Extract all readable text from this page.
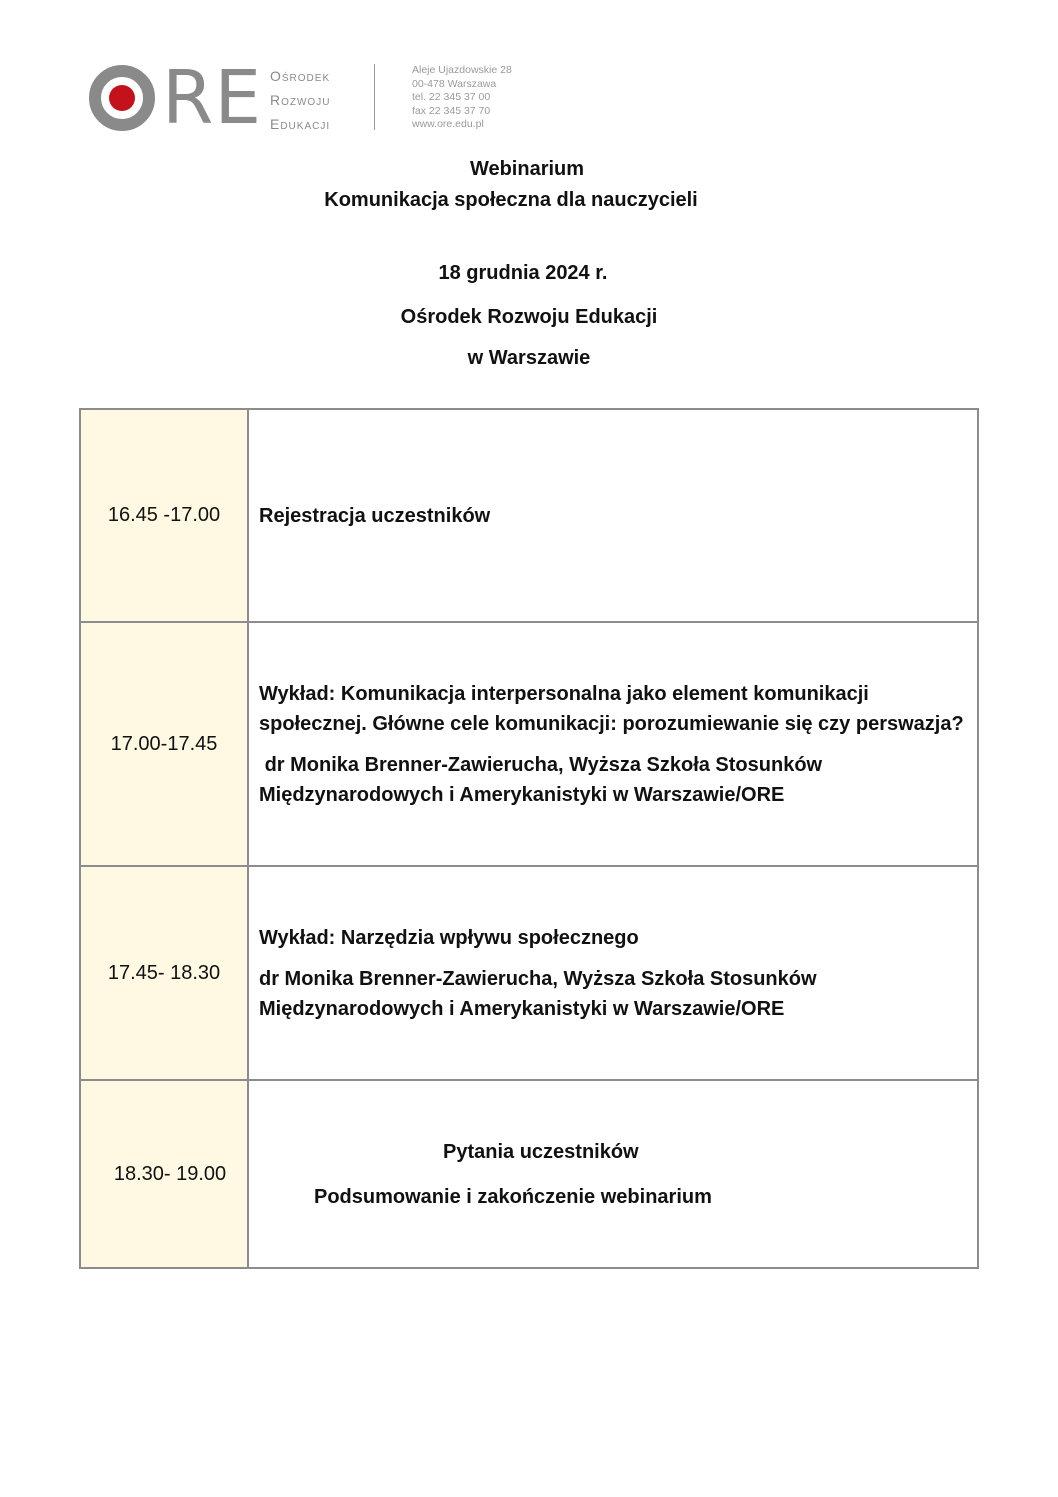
RE Ośrodek
Rozwoju
Edukacji
Aleje Ujazdowskie 28
00-478 Warszawa
tel. 22 345 37 00
fax 22 345 37 70
www.ore.edu.pl
Webinarium
Komunikacja społeczna dla nauczycieli
18 grudnia 2024 r.
Ośrodek Rozwoju Edukacji
w Warszawie
16.45 -17.00	Rejestracja uczestników
17.00-17.45
Wykład: Komunikacja interpersonalna jako element komunikacji społecznej. Główne cele komunikacji: porozumiewanie się czy perswazja?
dr Monika Brenner-Zawierucha, Wyższa Szkoła Stosunków Międzynarodowych i Amerykanistyki w Warszawie/ORE
17.45- 18.30
Wykład: Narzędzia wpływu społecznego
dr Monika Brenner-Zawierucha, Wyższa Szkoła Stosunków Międzynarodowych i Amerykanistyki w Warszawie/ORE
18.30- 19.00
Pytania uczestników
Podsumowanie i zakończenie webinarium
